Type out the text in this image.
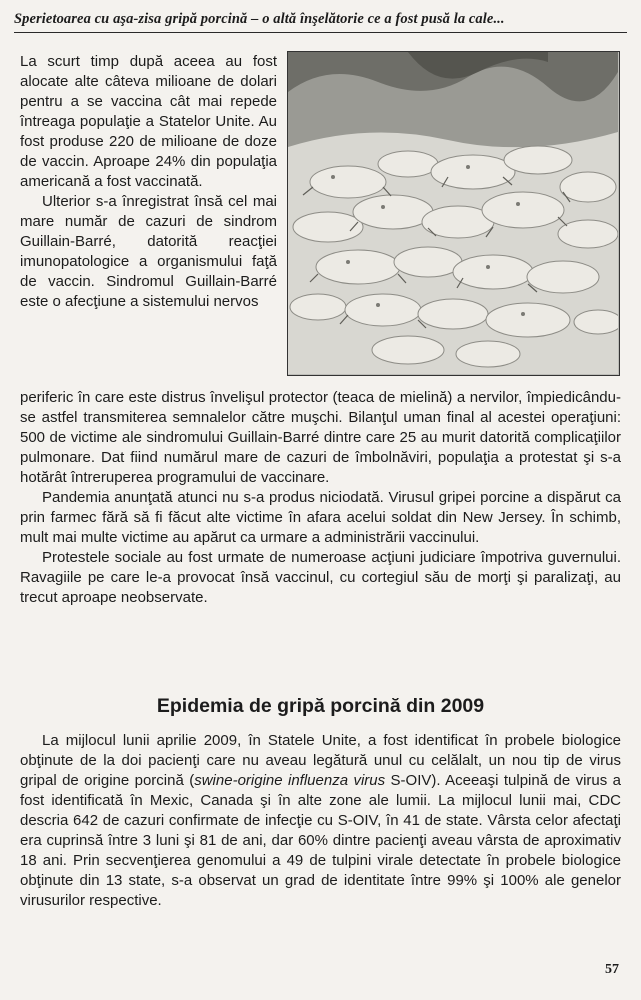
Sperietoarea cu aşa-zisa gripă porcină – o altă înşelătorie ce a fost pusă la cale...

La scurt timp după aceea au fost alocate alte câteva milioane de dolari pentru a se vaccina cât mai repede întreaga populaţie a Statelor Unite. Au fost produse 220 de milioane de doze de vaccin. Aproape 24% din populaţia americană a fost vaccinată.

Ulterior s-a înregistrat însă cel mai mare număr de cazuri de sindrom Guillain-Barré, datorită reacţiei imunopatologice a organismului faţă de vaccin. Sindromul Guillain-Barré este o afecţiune a sistemului nervos

periferic în care este distrus învelişul protector (teaca de mielină) a nervilor, împiedicându-se astfel transmiterea semnalelor către muşchi. Bilanţul uman final al acestei operaţiuni: 500 de victime ale sindromului Guillain-Barré dintre care 25 au murit datorită complicaţiilor pulmonare. Dat fiind numărul mare de cazuri de îmbolnăviri, populaţia a protestat şi s-a hotărât întreruperea programului de vaccinare.

Pandemia anunţată atunci nu s-a produs niciodată. Virusul gripei porcine a dispărut ca prin farmec fără să fi făcut alte victime în afara acelui soldat din New Jersey. În schimb, mult mai multe victime au apărut ca urmare a administrării vaccinului.

Protestele sociale au fost urmate de numeroase acţiuni judiciare împotriva guvernului. Ravagiile pe care le-a provocat însă vaccinul, cu cortegiul său de morţi şi paralizaţi, au trecut aproape neobservate.

Epidemia de gripă porcină din 2009

La mijlocul lunii aprilie 2009, în Statele Unite, a fost identificat în probele biologice obţinute de la doi pacienţi care nu aveau legătură unul cu celălalt, un nou tip de virus gripal de origine porcină (swine-origine influenza virus S-OIV). Aceeaşi tulpină de virus a fost identificată în Mexic, Canada şi în alte zone ale lumii. La mijlocul lunii mai, CDC descria 642 de cazuri confirmate de infecţie cu S-OIV, în 41 de state. Vârsta celor afectaţi era cuprinsă între 3 luni şi 81 de ani, dar 60% dintre pacienţi aveau vârsta de aproximativ 18 ani. Prin secvenţierea genomului a 49 de tulpini virale detectate în probele biologice obţinute din 13 state, s-a observat un grad de identitate între 99% şi 100% ale genelor virusurilor respective.

57
